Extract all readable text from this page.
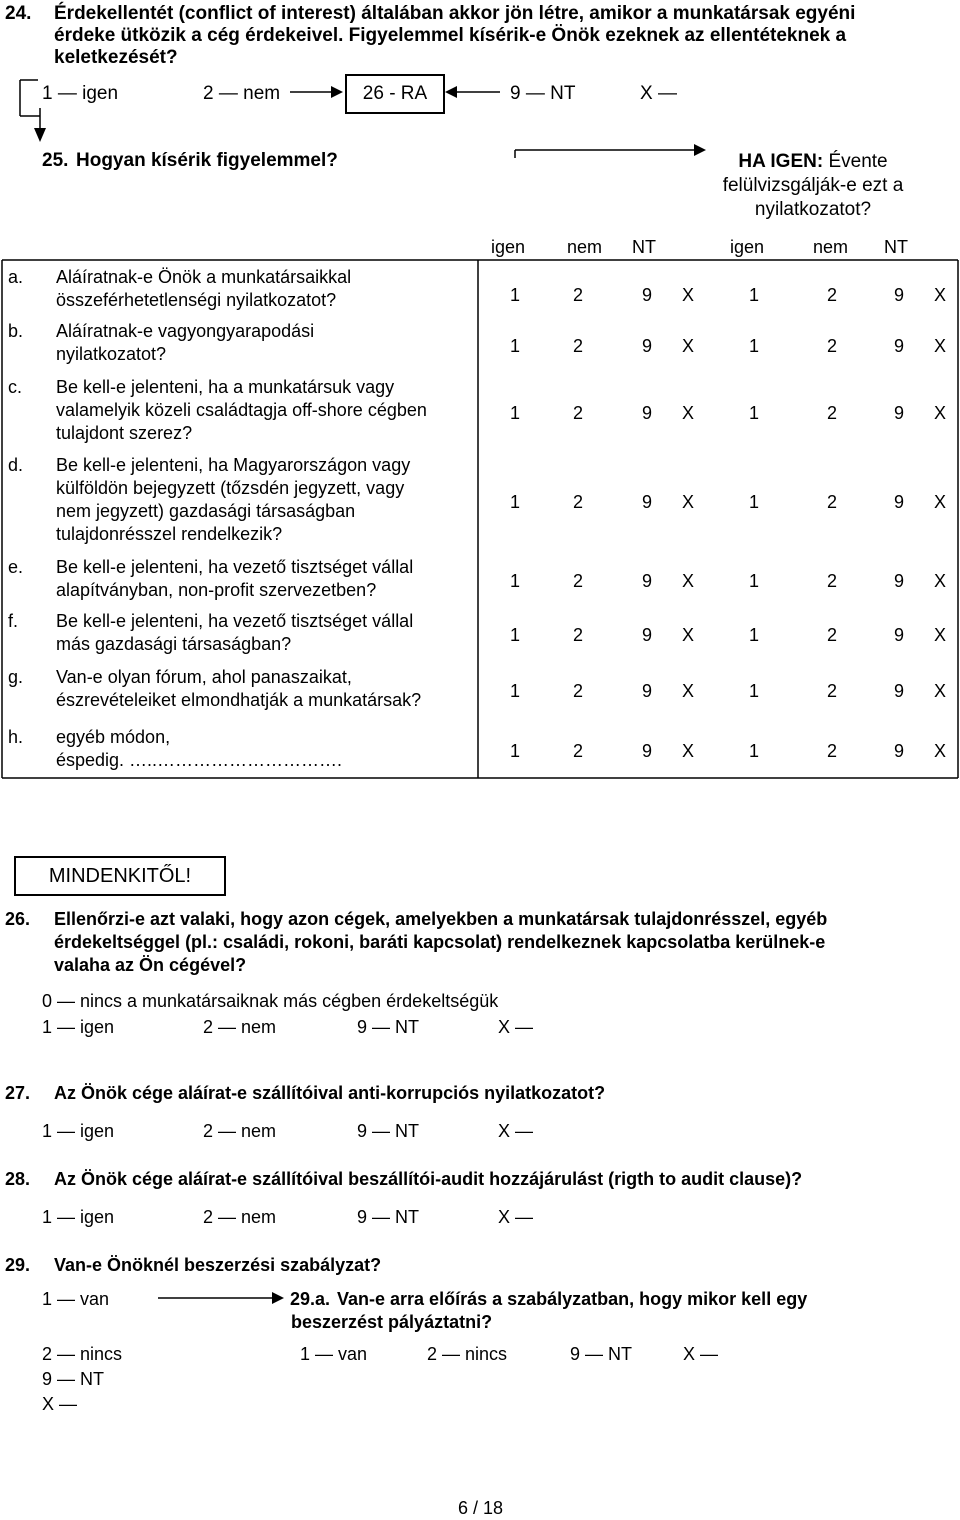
24. Érdekellentét (conflict of interest) általában akkor jön létre, amikor a munkatársak egyéni
érdeke ütközik a cég érdekeivel. Figyelemmel kísérik-e Önök ezeknek az ellentéteknek a
keletkezését?
1 — igen	2 — nem	26 - RA	9 — NT	X —
25. Hogyan kísérik figyelemmel?	HA IGEN: Évente
felülvizsgálják-e ezt a
nyilatkozatot?
igen nem NT	igen	nem NT
a. Aláíratnak-e Önök a munkatársaikkal
összeférhetetlenségi nyilatkozatot?	1	2	9 X	1	2	9 X
b. Aláíratnak-e vagyongyarapodási
nyilatkozatot?	1	2	9 X	1	2	9 X
c. Be kell-e jelenteni, ha a munkatársuk vagy
valamelyik közeli családtagja off-shore cégben
tulajdont szerez?
1	2	9 X	1	2	9 X
d. Be kell-e jelenteni, ha Magyarországon vagy
külföldön bejegyzett (tőzsdén jegyzett, vagy
nem jegyzett) gazdasági társaságban
tulajdonrésszel rendelkezik?
1	2	9 X	1	2	9 X
e. Be kell-e jelenteni, ha vezető tisztséget vállal
alapítványban, non-profit szervezetben?	1	2	9 X	1	2	9 X
f. Be kell-e jelenteni, ha vezető tisztséget vállal
más gazdasági társaságban?	1	2	9 X	1	2	9 X
g. Van-e olyan fórum, ahol panaszaikat,
észrevételeiket elmondhatják a munkatársak?	1	2	9 X	1	2	9 X
h. egyéb módon,
éspedig. …..………………………….	1	2	9 X	1	2	9 X
MINDENKITŐL!
26. Ellenőrzi-e azt valaki, hogy azon cégek, amelyekben a munkatársak tulajdonrésszel, egyéb
érdekeltséggel (pl.: családi, rokoni, baráti kapcsolat) rendelkeznek kapcsolatba kerülnek-e
valaha az Ön cégével?
0 — nincs a munkatársaiknak más cégben érdekeltségük
1 — igen	2 — nem	9 — NT	X —
27. Az Önök cége aláírat-e szállítóival anti-korrupciós nyilatkozatot?
1 — igen	2 — nem	9 — NT	X —
28. Az Önök cége aláírat-e szállítóival beszállítói-audit hozzájárulást (rigth to audit clause)?
1 — igen	2 — nem	9 — NT	X —
29. Van-e Önöknél beszerzési szabályzat?
1 — van
2 — nincs
9 — NT
X —
29.a. Van-e arra előírás a szabályzatban, hogy mikor kell egy
beszerzést pályáztatni?
1 — van	2 — nincs	9 — NT	X —
6 / 18
